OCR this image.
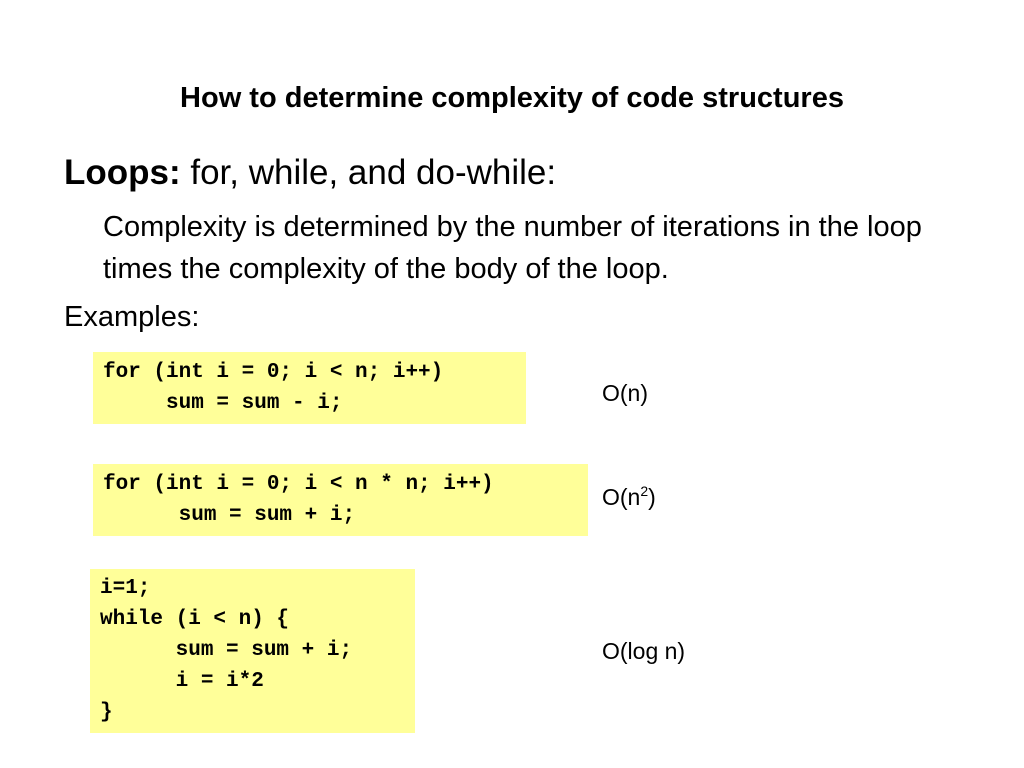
How to determine complexity of code structures
Loops: for, while, and do-while:
Complexity is determined by the number of iterations in the loop times the complexity of the body of the loop.
Examples:
for (int i = 0; i < n; i++)
sum = sum - i;
for (int i = 0; i < n * n; i++)
sum = sum + i;
i=1;
while (i < n) {
sum = sum + i;
i = i*2
}
O(n)
$O(n^2)$
O(log n)
